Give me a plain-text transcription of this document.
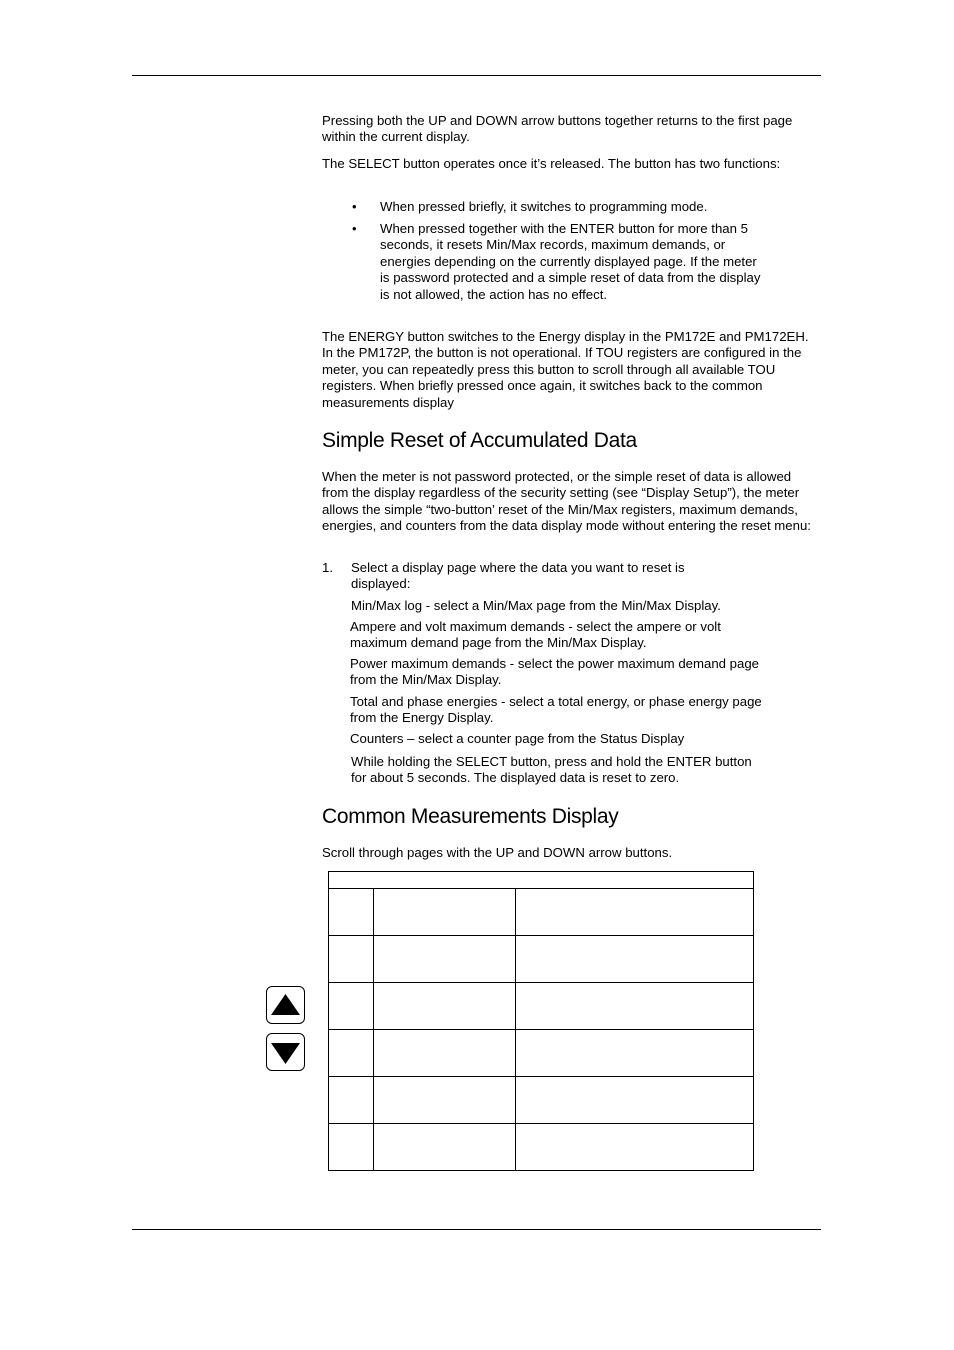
Pressing both the UP and DOWN arrow buttons together returns to the first page within the current display.

The SELECT button operates once it’s released. The button has two functions:

• When pressed briefly, it switches to programming mode.

• When pressed together with the ENTER button for more than 5 seconds, it resets Min/Max records, maximum demands, or energies depending on the currently displayed page. If the meter is password protected and a simple reset of data from the display is not allowed, the action has no effect.

The ENERGY button switches to the Energy display in the PM172E and PM172EH. In the PM172P, the button is not operational. If TOU registers are configured in the meter, you can repeatedly press this button to scroll through all available TOU registers. When briefly pressed once again, it switches back to the common measurements display

Simple Reset of Accumulated Data

When the meter is not password protected, or the simple reset of data is allowed from the display regardless of the security setting (see “Display Setup”), the meter allows the simple “two-button’ reset of the Min/Max registers, maximum demands, energies, and counters from the data display mode without entering the reset menu:

1. Select a display page where the data you want to reset is displayed:

Min/Max log - select a Min/Max page from the Min/Max Display.

Ampere and volt maximum demands - select the ampere or volt maximum demand page from the Min/Max Display.

Power maximum demands - select the power maximum demand page from the Min/Max Display.

Total and phase energies - select a total energy, or phase energy page from the Energy Display.

Counters – select a counter page from the Status Display

While holding the SELECT button, press and hold the ENTER button for about 5 seconds. The displayed data is reset to zero.

Common Measurements Display

Scroll through pages with the UP and DOWN arrow buttons.
